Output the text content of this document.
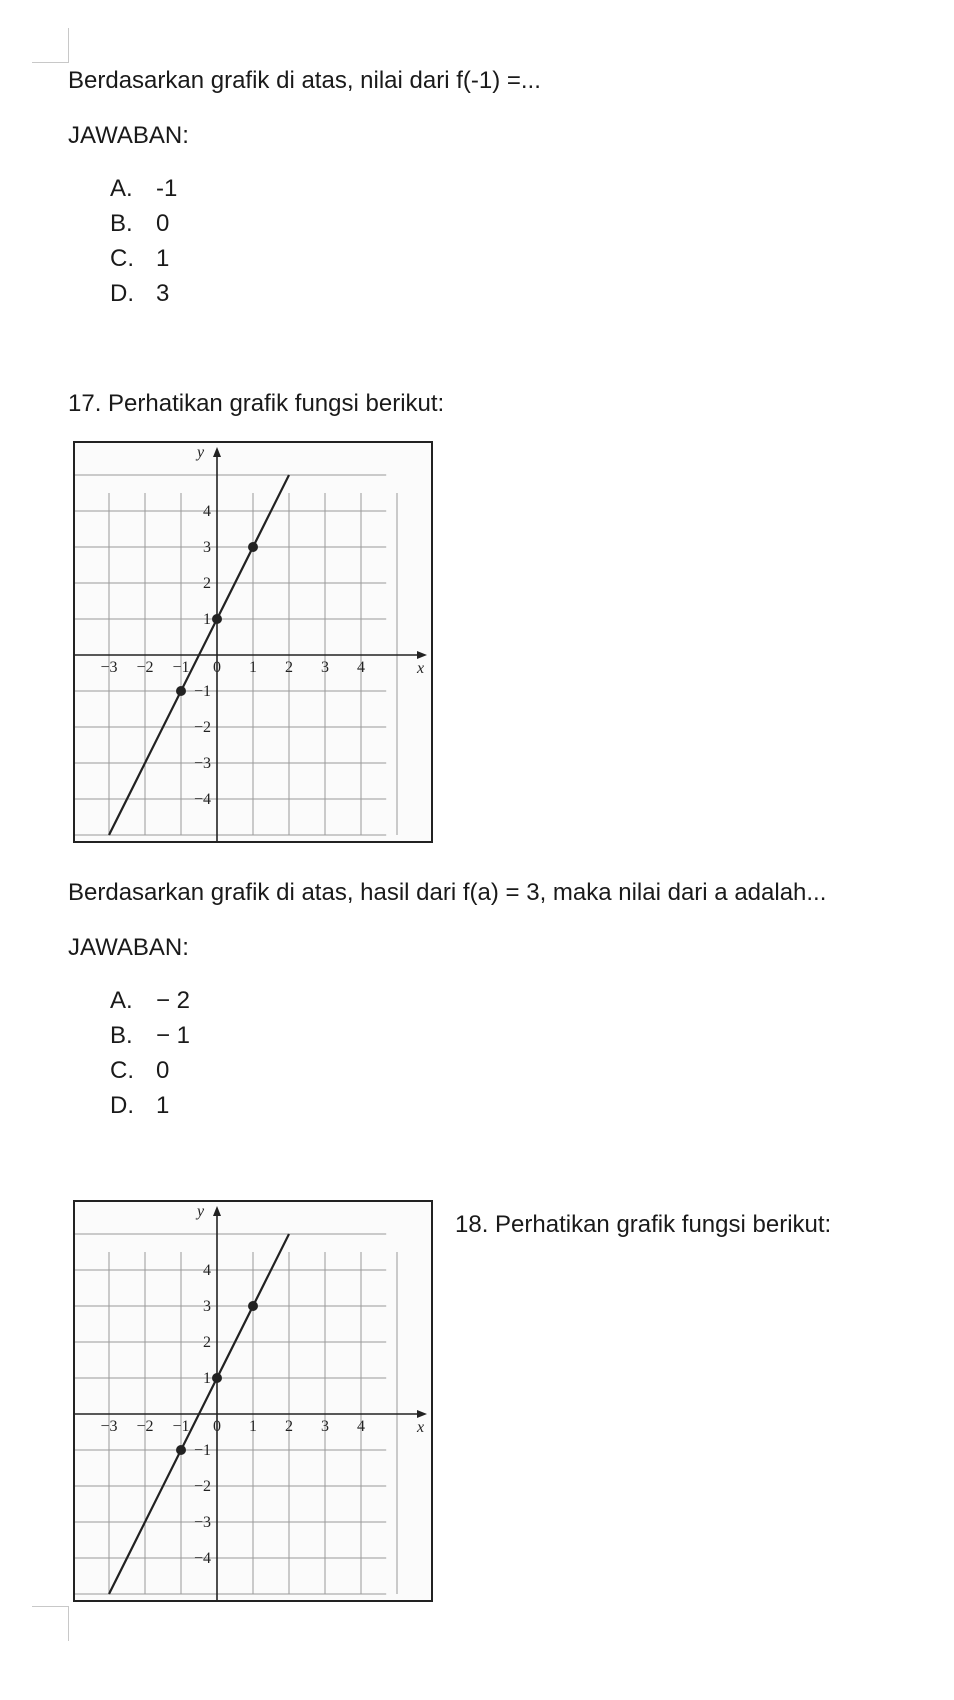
Berdasarkan grafik di atas, nilai dari f(-1) =...
JAWABAN:
A. -1
B. 0
C. 1
D. 3
17. Perhatikan grafik fungsi berikut:
x
y
−3 −2 −1 0 1 2 3 4
4
3
2
1
−1
−2
−3
−4
Berdasarkan grafik di atas, hasil dari f(a) = 3, maka nilai dari a adalah...
JAWABAN:
A. − 2
B. − 1
C. 0
D. 1
x
y
−3 −2 −1 0 1 2 3 4
4
3
2
1
−1
−2
−3
−4
18. Perhatikan grafik fungsi berikut:
